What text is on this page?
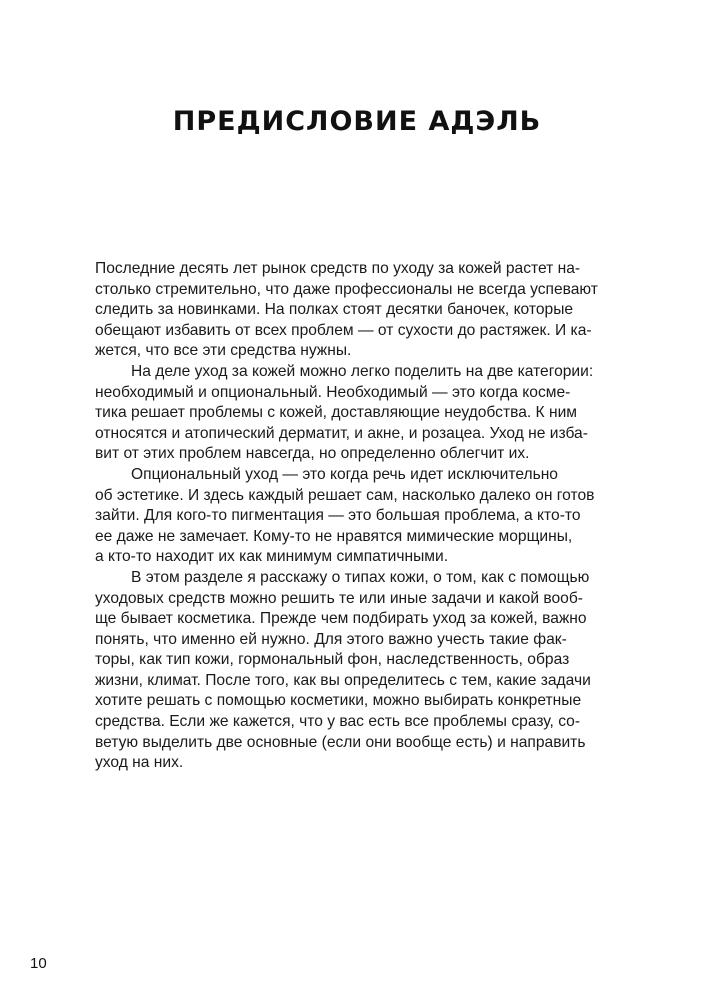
ПРЕДИСЛОВИЕ АДЭЛЬ
Последние десять лет рынок средств по уходу за кожей растет на-
столько стремительно, что даже профессионалы не всегда успевают
следить за новинками. На полках стоят десятки баночек, которые
обещают избавить от всех проблем — от сухости до растяжек. И ка-
жется, что все эти средства нужны.
На деле уход за кожей можно легко поделить на две категории:
необходимый и опциональный. Необходимый — это когда космe-
тика решает проблемы с кожей, доставляющие неудобства. К ним
относятся и атопический дерматит, и акне, и розацеа. Уход не изба-
вит от этих проблем навсегда, но определенно облегчит их.
Опциональный уход — это когда речь идет исключительно
об эстетике. И здесь каждый решает сам, насколько далеко он готов
зайти. Для кого-то пигментация — это большая проблема, а кто-то
ее даже не замечает. Кому-то не нравятся мимические морщины,
а кто-то находит их как минимум симпатичными.
В этом разделе я расскажу о типах кожи, о том, как с помощью
уходовых средств можно решить те или иные задачи и какой вооб-
ще бывает косметика. Прежде чем подбирать уход за кожей, важно
понять, что именно ей нужно. Для этого важно учесть такие фак-
торы, как тип кожи, гормональный фон, наследственность, образ
жизни, климат. После того, как вы определитесь с тем, какие задачи
хотите решать с помощью косметики, можно выбирать конкретные
средства. Если же кажется, что у вас есть все проблемы сразу, со-
ветую выделить две основные (если они вообще есть) и направить
уход на них.
10
